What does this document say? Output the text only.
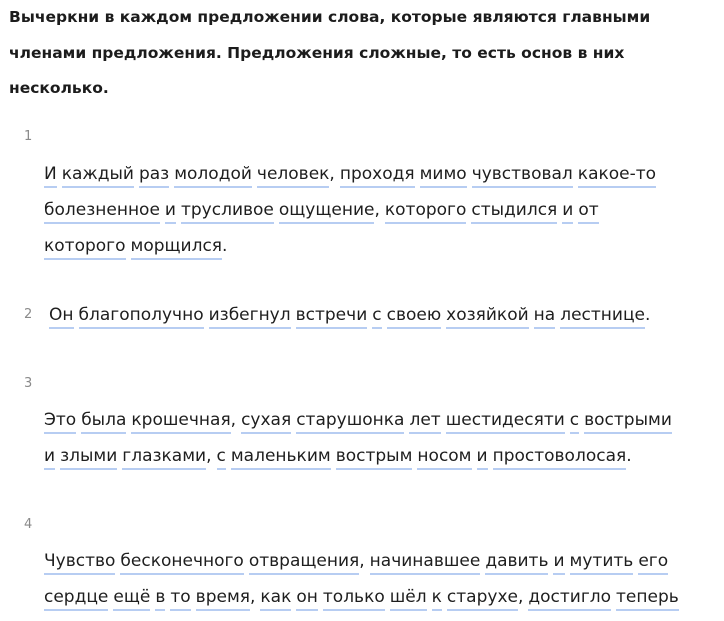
Вычеркни в каждом предложении слова, которые являются главными членами предложения. Предложения сложные, то есть основ в них несколько.
1
И каждый раз молодой человек, проходя мимо чувствовал какое-тоболезненное и трусливое ощущение, которого стыдился и откоторого морщился.
2 Он благополучно избегнул встречи с своею хозяйкой на лестнице.
3
Это была крошечная, сухая старушонка лет шестидесяти с вострымии злыми глазками, с маленьким вострым носом и простоволосая.
4
Чувство бесконечного отвращения, начинавшее давить и мутить егосердце ещё в то время, как он только шёл к старухе, достигло теперь
